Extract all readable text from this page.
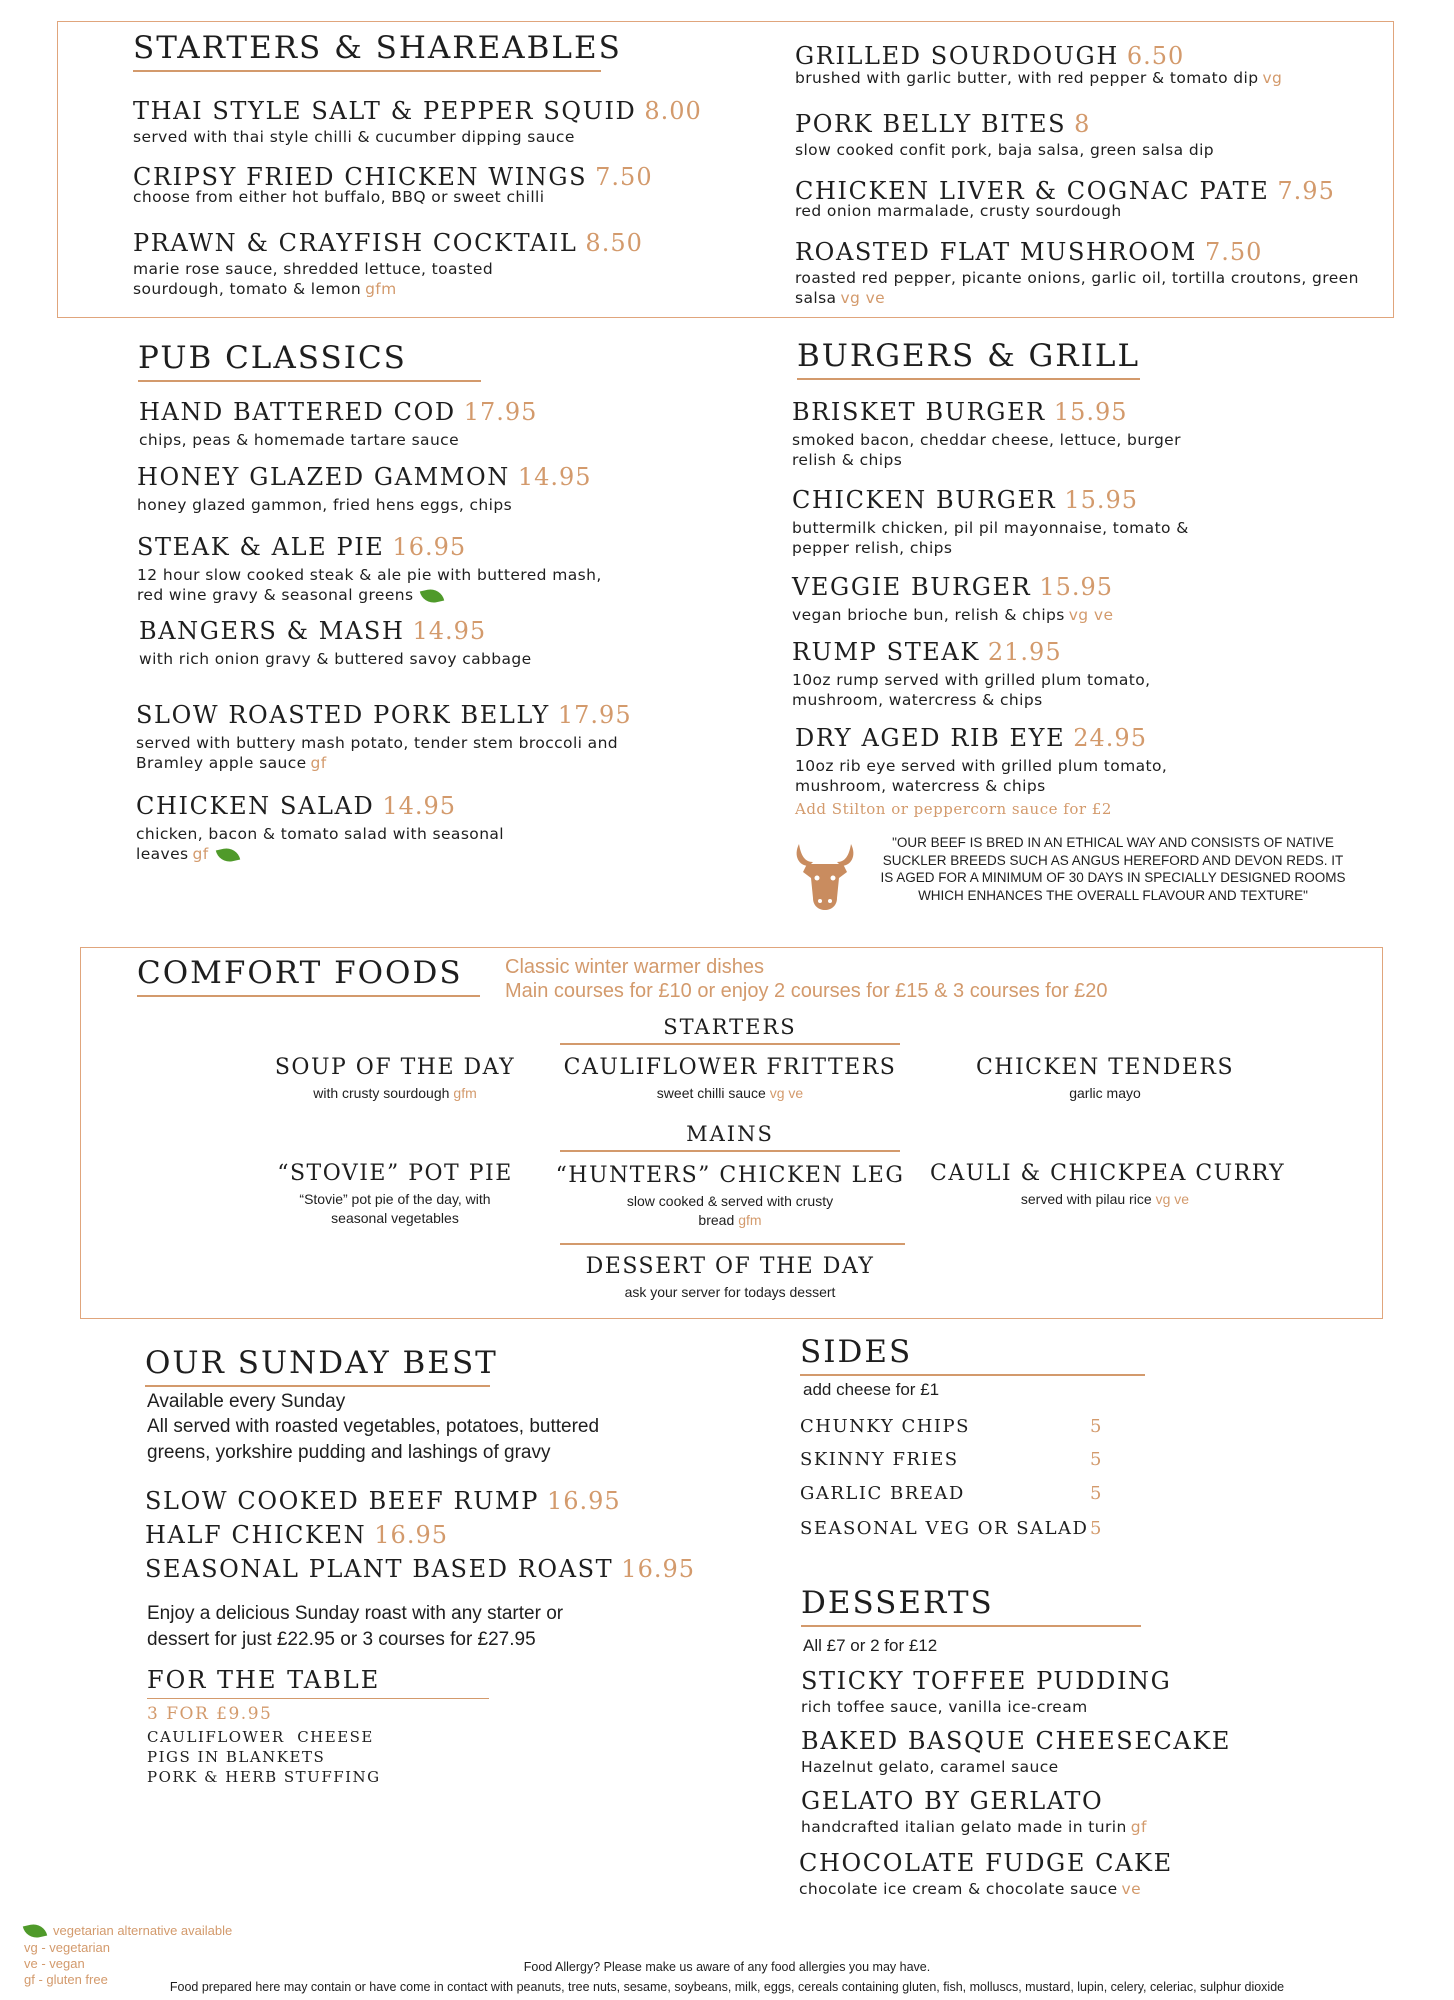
STARTERS & SHAREABLES
THAI STYLE SALT & PEPPER SQUID 8.00
served with thai style chilli & cucumber dipping sauce
CRIPSY FRIED CHICKEN WINGS 7.50
choose from either hot buffalo, BBQ or sweet chilli
PRAWN & CRAYFISH COCKTAIL 8.50
marie rose sauce, shredded lettuce, toasted sourdough, tomato & lemon gfm
GRILLED SOURDOUGH 6.50
brushed with garlic butter, with red pepper & tomato dip vg
PORK BELLY BITES 8
slow cooked confit pork, baja salsa, green salsa dip
CHICKEN LIVER & COGNAC PATE 7.95
red onion marmalade, crusty sourdough
ROASTED FLAT MUSHROOM 7.50
roasted red pepper, picante onions, garlic oil, tortilla croutons, green salsa vg ve
PUB CLASSICS
HAND BATTERED COD 17.95
chips, peas & homemade tartare sauce
HONEY GLAZED GAMMON 14.95
honey glazed gammon, fried hens eggs, chips
STEAK & ALE PIE 16.95
12 hour slow cooked steak & ale pie with buttered mash, red wine gravy & seasonal greens
BANGERS & MASH 14.95
with rich onion gravy & buttered savoy cabbage
SLOW ROASTED PORK BELLY 17.95
served with buttery mash potato, tender stem broccoli and Bramley apple sauce gf
CHICKEN SALAD 14.95
chicken, bacon & tomato salad with seasonal leaves gf
BURGERS & GRILL
BRISKET BURGER 15.95
smoked bacon, cheddar cheese, lettuce, burger relish & chips
CHICKEN BURGER 15.95
buttermilk chicken, pil pil mayonnaise, tomato & pepper relish, chips
VEGGIE BURGER 15.95
vegan brioche bun, relish & chips vg ve
RUMP STEAK 21.95
10oz rump served with grilled plum tomato, mushroom, watercress & chips
DRY AGED RIB EYE 24.95
10oz rib eye served with grilled plum tomato, mushroom, watercress & chips
Add Stilton or peppercorn sauce for £2
"OUR BEEF IS BRED IN AN ETHICAL WAY AND CONSISTS OF NATIVE SUCKLER BREEDS SUCH AS ANGUS HEREFORD AND DEVON REDS. IT IS AGED FOR A MINIMUM OF 30 DAYS IN SPECIALLY DESIGNED ROOMS WHICH ENHANCES THE OVERALL FLAVOUR AND TEXTURE"
COMFORT FOODS	Classic winter warmer dishes
Main courses for £10 or enjoy 2 courses for £15 & 3 courses for £20
STARTERS
SOUP OF THE DAY
with crusty sourdough gfm
CAULIFLOWER FRITTERS
sweet chilli sauce vg ve
CHICKEN TENDERS
garlic mayo
MAINS
“STOVIE” POT PIE
“Stovie” pot pie of the day, with seasonal vegetables
“HUNTERS” CHICKEN LEG
slow cooked & served with crusty bread gfm
CAULI & CHICKPEA CURRY
served with pilau rice vg ve
DESSERT OF THE DAY
ask your server for todays dessert
OUR SUNDAY BEST
Available every Sunday
All served with roasted vegetables, potatoes, buttered greens, yorkshire pudding and lashings of gravy
SLOW COOKED BEEF RUMP 16.95
HALF CHICKEN 16.95
SEASONAL PLANT BASED ROAST 16.95
Enjoy a delicious Sunday roast with any starter or dessert for just £22.95 or 3 courses for £27.95
FOR THE TABLE
3 FOR £9.95
CAULIFLOWER  CHEESE
PIGS IN BLANKETS
PORK & HERB STUFFING
SIDES
add cheese for £1
CHUNKY CHIPS	5
SKINNY FRIES	5
GARLIC BREAD	5
SEASONAL VEG OR SALAD 5
DESSERTS
All £7 or 2 for £12
STICKY TOFFEE PUDDING
rich toffee sauce, vanilla ice-cream
BAKED BASQUE CHEESECAKE
Hazelnut gelato, caramel sauce
GELATO BY GERLATO
handcrafted italian gelato made in turin gf
CHOCOLATE FUDGE CAKE
chocolate ice cream & chocolate sauce ve
vegetarian alternative available
vg - vegetarian
ve - vegan
gf - gluten free
Food Allergy? Please make us aware of any food allergies you may have.
Food prepared here may contain or have come in contact with peanuts, tree nuts, sesame, soybeans, milk, eggs, cereals containing gluten, fish, molluscs, mustard, lupin, celery, celeriac, sulphur dioxide
